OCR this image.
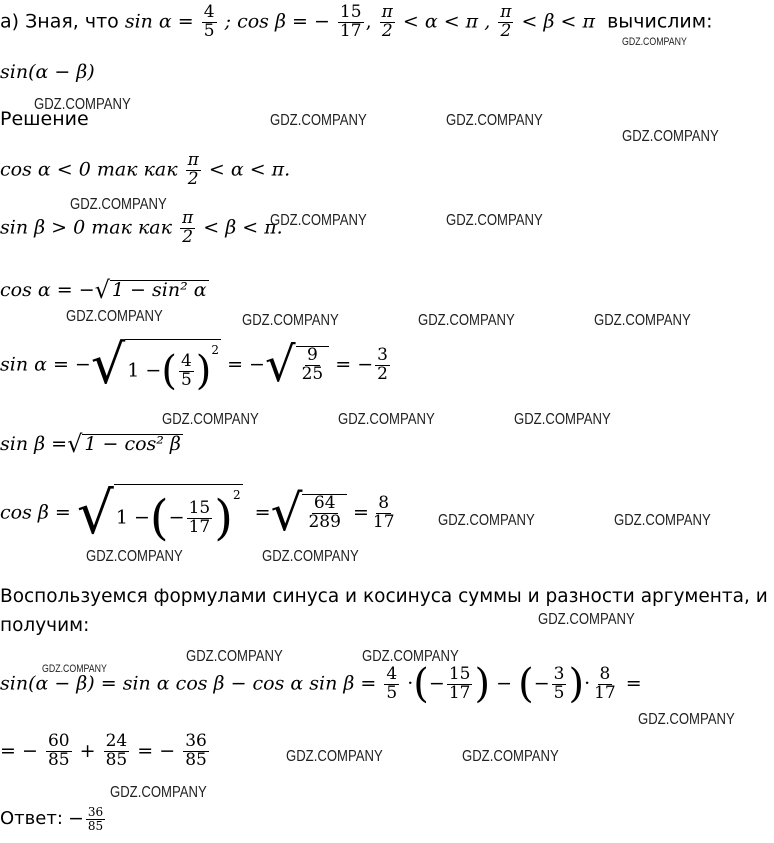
а) Зная, что $\sin \alpha = \frac{4}{5}$ ; cos β = − $\frac{15}{17}$ , $\frac{\pi}{2} < \alpha < \pi$ , $\frac{\pi}{2} < \beta < \pi$ вычислим:
sin(α − β)
Решение
cos α < 0 так как $\frac{\pi}{2} < \alpha < \pi$.
sin β > 0 так как $\frac{\pi}{2} < \beta < \pi$.
cos α = −√ 1 − sin² α
sin α = −√ 1 −( $\frac{4}{5} )^2$ = −√ $\frac{9}{25}$ = − $\frac{3}{2}$
sin β =√ 1 − cos² β
cos β = √ 1 −(− $\frac{15}{17} )^2$  =√ $\frac{64}{289} = \frac{8}{17}$
Воспользуемся формулами синуса и косинуса суммы и разности аргумента, и
получим:
sin(α − β) = sin α cos β − cos α $\sin \beta = \frac{4}{5}$ ·(− $\frac{15}{17}$ ) − (− $\frac{3}{5}$ )· $\frac{8}{17}$ =
= − $\frac{60}{85} + \frac{24}{85}$ = − $\frac{36}{85}$
Ответ: − $\frac{36}{85}$
GDZ.COMPANY
GDZ.COMPANY
GDZ.COMPANY	GDZ.COMPANY
GDZ.COMPANY
GDZ.COMPANY
GDZ.COMPANY	GDZ.COMPANY
GDZ.COMPANY	GDZ.COMPANY	GDZ.COMPANY	GDZ.COMPANY
GDZ.COMPANY	GDZ.COMPANY	GDZ.COMPANY
GDZ.COMPANY	GDZ.COMPANY
GDZ.COMPANY	GDZ.COMPANY
GDZ.COMPANY
GDZ.COMPANY	GDZ.COMPANY
GDZ.COMPANY
GDZ.COMPANY
GDZ.COMPANY	GDZ.COMPANY
GDZ.COMPANY
